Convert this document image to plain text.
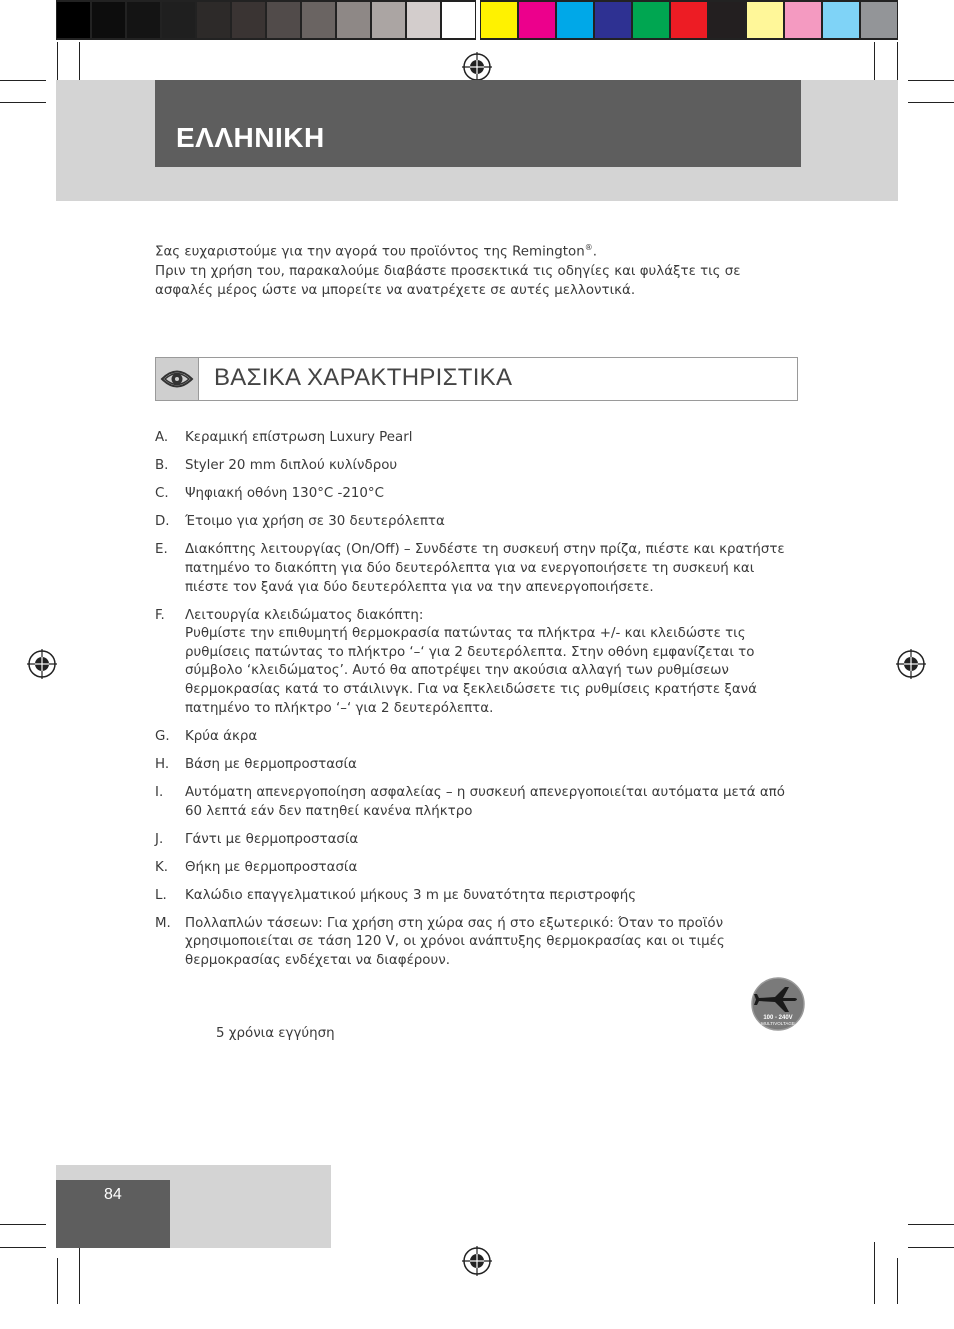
ΕΛΛΗΝΙΚΗ

Σας ευχαριστούμε για την αγορά του προϊόντος της Remington®.

Πριν τη χρήση του, παρακαλούμε διαβάστε προσεκτικά τις οδηγίες και φυλάξτε τις σε ασφαλές μέρος ώστε να μπορείτε να ανατρέχετε σε αυτές μελλοντικά.

ΒΑΣΙΚΑ ΧΑΡΑΚΤΗΡΙΣΤΙΚΑ
A.	Κεραμική επίστρωση Luxury Pearl
B.	Styler 20 mm διπλού κυλίνδρου
C.	Ψηφιακή οθόνη 130°C -210°C
D.	Έτοιμο για χρήση σε 30 δευτερόλεπτα
E.	Διακόπτης λειτουργίας (On/Off) – Συνδέστε τη συσκευή στην πρίζα, πιέστε και κρατήστε πατημένο το διακόπτη για δύο δευτερόλεπτα για να ενεργοποιήσετε τη συσκευή και πιέστε τον ξανά για δύο δευτερόλεπτα για να την απενεργοποιήσετε.
F.	Λειτουργία κλειδώματος διακόπτη:
Ρυθμίστε την επιθυμητή θερμοκρασία πατώντας τα πλήκτρα +/- και κλειδώστε τις ρυθμίσεις πατώντας το πλήκτρο ‘–‘ για 2 δευτερόλεπτα. Στην οθόνη εμφανίζεται το σύμβολο ‘κλειδώματος’. Αυτό θα αποτρέψει την ακούσια αλλαγή των ρυθμίσεων θερμοκρασίας κατά το στάιλινγκ. Για να ξεκλειδώσετε τις ρυθμίσεις κρατήστε ξανά πατημένο το πλήκτρο ‘–‘ για 2 δευτερόλεπτα.
G.	Κρύα άκρα
H.	Βάση με θερμοπροστασία
I.	Αυτόματη απενεργοποίηση ασφαλείας – η συσκευή απενεργοποιείται αυτόματα μετά από 60 λεπτά εάν δεν πατηθεί κανένα πλήκτρο
J.	Γάντι με θερμοπροστασία
K.	Θήκη με θερμοπροστασία
L.	Καλώδιο επαγγελματικού μήκους 3 m με δυνατότητα περιστροφής
M.	Πολλαπλών τάσεων: Για χρήση στη χώρα σας ή στο εξωτερικό: Όταν το προϊόν χρησιμοποιείται σε τάση 120 V, οι χρόνοι ανάπτυξης θερμοκρασίας και οι τιμές θερμοκρασίας ενδέχεται να διαφέρουν.
5 χρόνια εγγύηση
100 - 240V
MULTIVOLTAGE
84
